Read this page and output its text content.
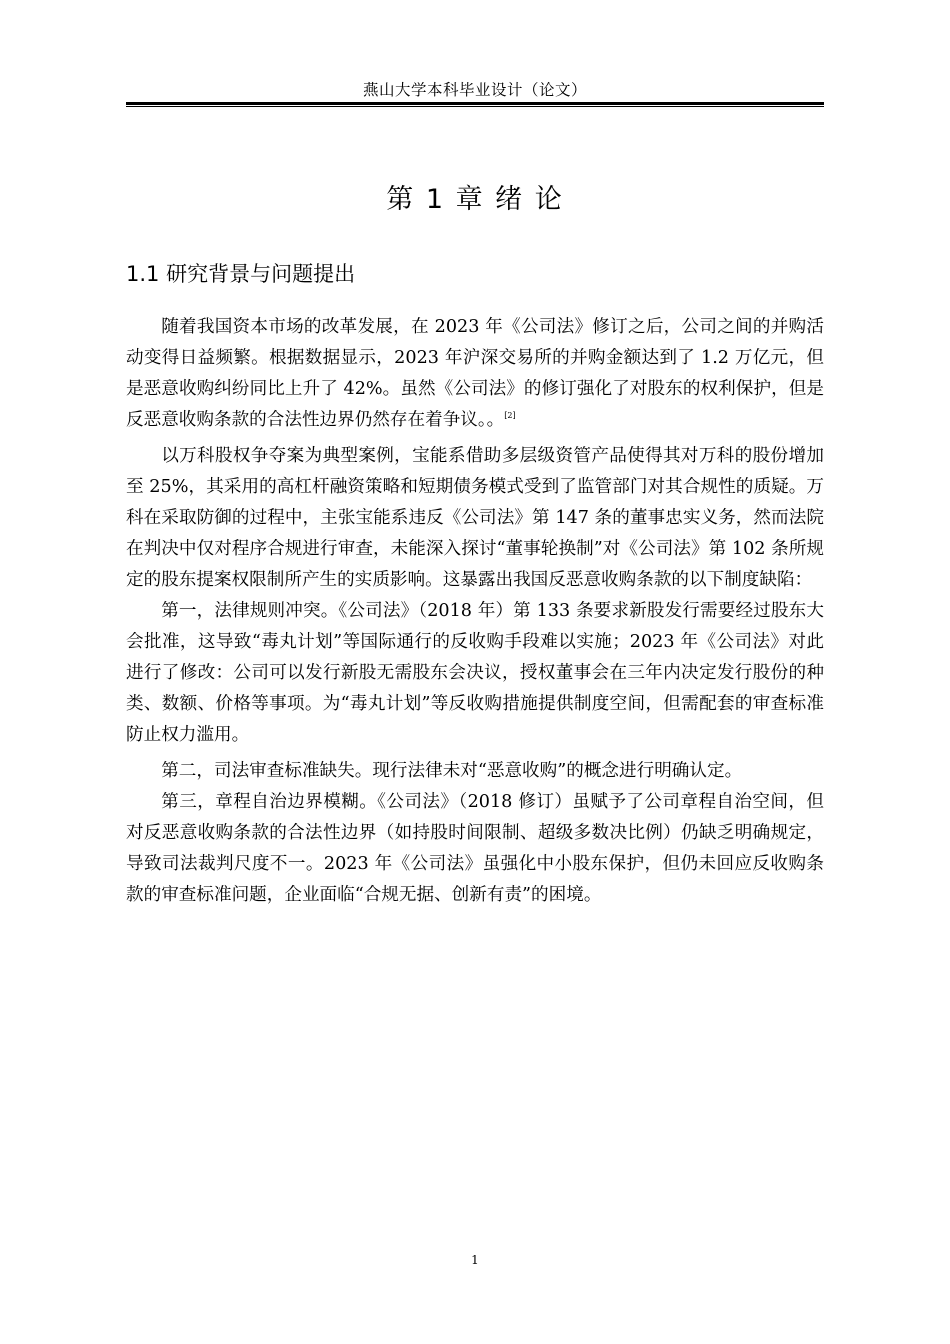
燕山大学本科毕业设计（论文）
第 1 章 绪 论
1.1 研究背景与问题提出

随着我国资本市场的改革发展，在 2023 年《公司法》修订之后，公司之间的并购活动变得日益频繁。根据数据显示，2023 年沪深交易所的并购金额达到了 1.2 万亿元，但是恶意收购纠纷同比上升了 42%。虽然《公司法》的修订强化了对股东的权利保护，但是反恶意收购条款的合法性边界仍然存在着争议。。[2]

以万科股权争夺案为典型案例，宝能系借助多层级资管产品使得其对万科的股份增加至 25%，其采用的高杠杆融资策略和短期债务模式受到了监管部门对其合规性的质疑。万科在采取防御的过程中，主张宝能系违反《公司法》第 147 条的董事忠实义务，然而法院在判决中仅对程序合规进行审查，未能深入探讨“董事轮换制”对《公司法》第 102 条所规定的股东提案权限制所产生的实质影响。这暴露出我国反恶意收购条款的以下制度缺陷：

第一，法律规则冲突。《公司法》（2018 年）第 133 条要求新股发行需要经过股东大会批准，这导致“毒丸计划”等国际通行的反收购手段难以实施；2023 年《公司法》对此进行了修改：公司可以发行新股无需股东会决议，授权董事会在三年内决定发行股份的种类、数额、价格等事项。为“毒丸计划”等反收购措施提供制度空间，但需配套的审查标准防止权力滥用。

第二，司法审查标准缺失。现行法律未对“恶意收购”的概念进行明确认定。

第三，章程自治边界模糊。《公司法》（2018 修订）虽赋予了公司章程自治空间，但对反恶意收购条款的合法性边界（如持股时间限制、超级多数决比例）仍缺乏明确规定，导致司法裁判尺度不一。2023 年《公司法》虽强化中小股东保护，但仍未回应反收购条款的审查标准问题，企业面临“合规无据、创新有责”的困境。

1
